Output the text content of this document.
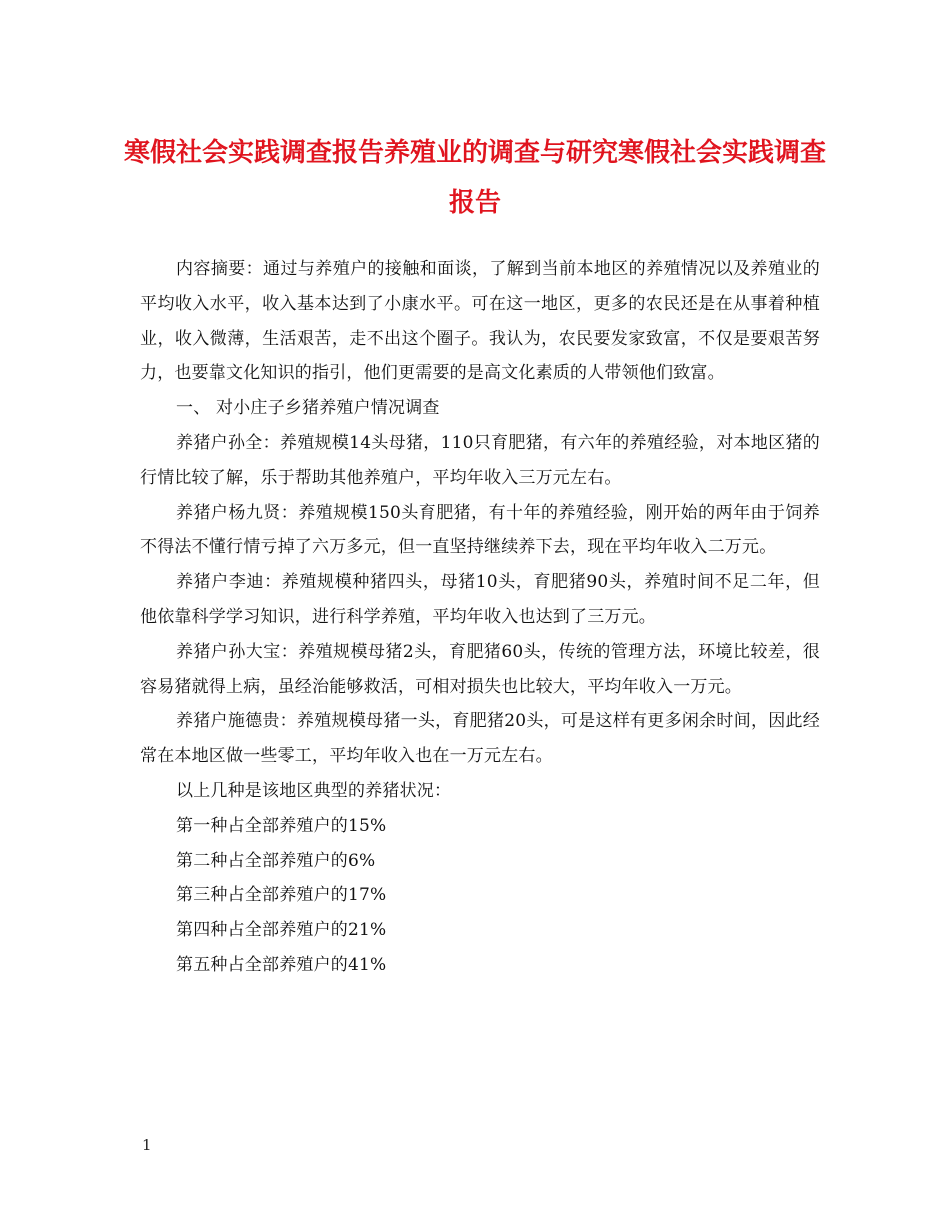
寒假社会实践调查报告养殖业的调查与研究寒假社会实践调查报告

内容摘要：通过与养殖户的接触和面谈，了解到当前本地区的养殖情况以及养殖业的平均收入水平，收入基本达到了小康水平。可在这一地区，更多的农民还是在从事着种植业，收入微薄，生活艰苦，走不出这个圈子。我认为，农民要发家致富，不仅是要艰苦努力，也要靠文化知识的指引，他们更需要的是高文化素质的人带领他们致富。

一、 对小庄子乡猪养殖户情况调查

养猪户孙全：养殖规模14头母猪，110只育肥猪，有六年的养殖经验，对本地区猪的行情比较了解，乐于帮助其他养殖户，平均年收入三万元左右。

养猪户杨九贤：养殖规模150头育肥猪，有十年的养殖经验，刚开始的两年由于饲养不得法不懂行情亏掉了六万多元，但一直坚持继续养下去，现在平均年收入二万元。

养猪户李迪：养殖规模种猪四头，母猪10头，育肥猪90头，养殖时间不足二年，但他依靠科学学习知识，进行科学养殖，平均年收入也达到了三万元。

养猪户孙大宝：养殖规模母猪2头，育肥猪60头，传统的管理方法，环境比较差，很容易猪就得上病，虽经治能够救活，可相对损失也比较大，平均年收入一万元。

养猪户施德贵：养殖规模母猪一头，育肥猪20头，可是这样有更多闲余时间，因此经常在本地区做一些零工，平均年收入也在一万元左右。

以上几种是该地区典型的养猪状况：

第一种占全部养殖户的15%

第二种占全部养殖户的6%

第三种占全部养殖户的17%

第四种占全部养殖户的21%

第五种占全部养殖户的41%

1
